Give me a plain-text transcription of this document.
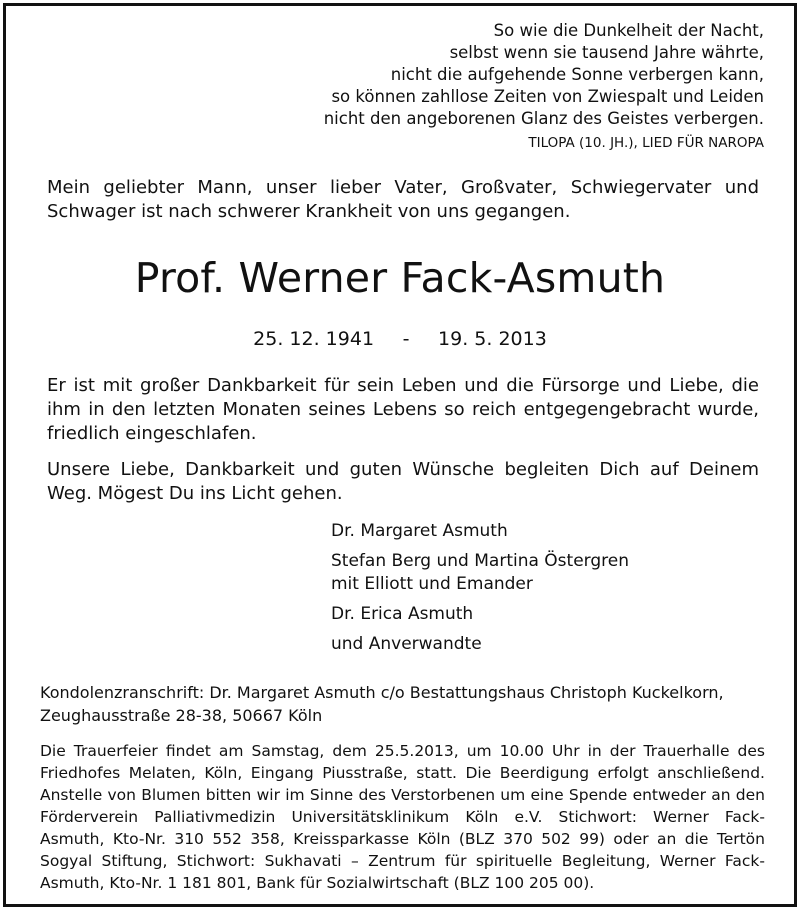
So wie die Dunkelheit der Nacht,
selbst wenn sie tausend Jahre währte,
nicht die aufgehende Sonne verbergen kann,
so können zahllose Zeiten von Zwiespalt und Leiden
nicht den angeborenen Glanz des Geistes verbergen.
TILOPA (10. JH.), LIED FÜR NAROPA
Mein geliebter Mann, unser lieber Vater, Großvater, Schwiegervater und
Schwager ist nach schwerer Krankheit von uns gegangen.
Prof. Werner Fack-Asmuth
25. 12. 1941 - 19. 5. 2013
Er ist mit großer Dankbarkeit für sein Leben und die Fürsorge und Liebe, die
ihm in den letzten Monaten seines Lebens so reich entgegengebracht wurde,
friedlich eingeschlafen.
Unsere Liebe, Dankbarkeit und guten Wünsche begleiten Dich auf Deinem
Weg. Mögest Du ins Licht gehen.
Dr. Margaret Asmuth
Stefan Berg und Martina Östergren
mit Elliott und Emander
Dr. Erica Asmuth
und Anverwandte
Kondolenzranschrift: Dr. Margaret Asmuth c/o Bestattungshaus Christoph Kuckelkorn,
Zeughausstraße 28-38, 50667 Köln
Die Trauerfeier findet am Samstag, dem 25.5.2013, um 10.00 Uhr in der Trauerhalle des
Friedhofes Melaten, Köln, Eingang Piusstraße, statt. Die Beerdigung erfolgt anschließend.
Anstelle von Blumen bitten wir im Sinne des Verstorbenen um eine Spende entweder an den
Förderverein Palliativmedizin Universitätsklinikum Köln e.V. Stichwort: Werner Fack-
Asmuth, Kto-Nr. 310 552 358, Kreissparkasse Köln (BLZ 370 502 99) oder an die Tertön
Sogyal Stiftung, Stichwort: Sukhavati – Zentrum für spirituelle Begleitung, Werner Fack-
Asmuth, Kto-Nr. 1 181 801, Bank für Sozialwirtschaft (BLZ 100 205 00).
